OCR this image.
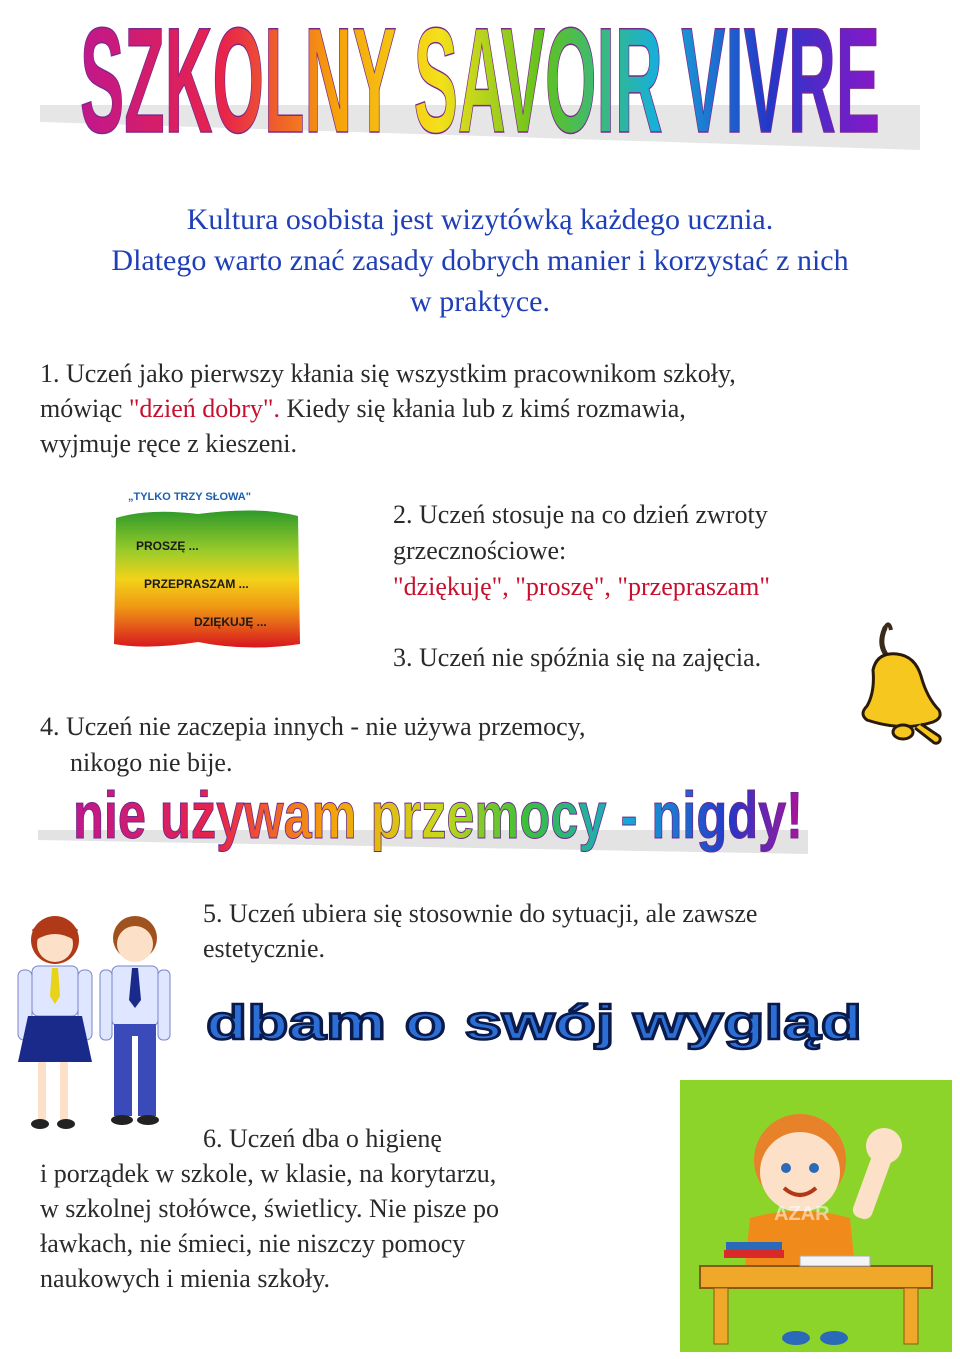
SZKOLNY SAVOIR VIVRE
Kultura osobista jest wizytówką każdego ucznia.
Dlatego warto znać zasady dobrych manier i korzystać z nich
w praktyce.
1. Uczeń jako pierwszy kłania się wszystkim pracownikom szkoły,
mówiąc "dzień dobry". Kiedy się kłania lub z kimś rozmawia,
wyjmuje ręce z kieszeni.
„TYLKO TRZY SŁOWA"
PROSZĘ ...
PRZEPRASZAM ...
DZIĘKUJĘ ...
2. Uczeń stosuje na co dzień zwroty
grzecznościowe:
"dziękuję", "proszę", "przepraszam"
3. Uczeń nie spóźnia się na zajęcia.
4. Uczeń nie zaczepia innych - nie używa przemocy,
nikogo nie bije.
nie używam przemocy - nigdy!
5. Uczeń ubiera się stosownie do sytuacji, ale zawsze
estetycznie.
dbam o swój wygląd
6. Uczeń dba o higienę
i porządek w szkole, w klasie, na korytarzu,
w szkolnej stołówce, świetlicy. Nie pisze po
ławkach, nie śmieci, nie niszczy pomocy
naukowych i mienia szkoły.
AZAR
